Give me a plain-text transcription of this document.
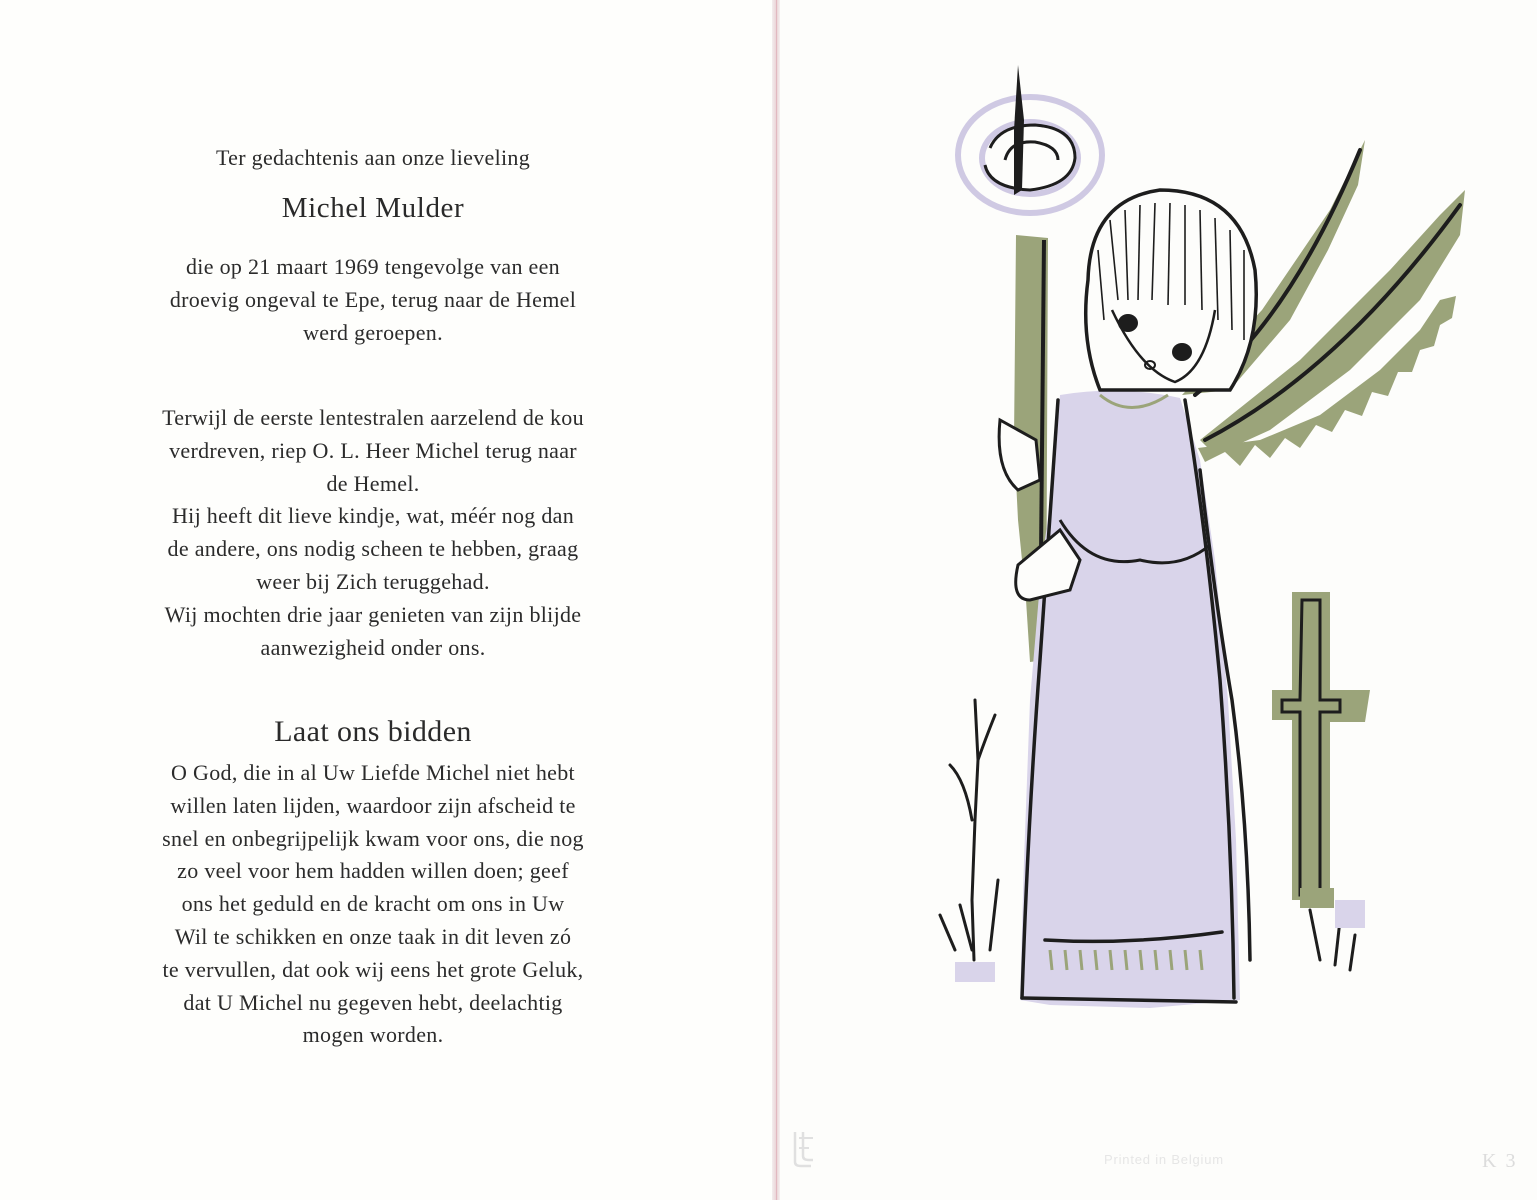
Ter gedachtenis aan onze lieveling
Michel Mulder
die op 21 maart 1969 tengevolge van een
droevig ongeval te Epe, terug naar de Hemel
werd geroepen.
Terwijl de eerste lentestralen aarzelend de kou
verdreven, riep O. L. Heer Michel terug naar
de Hemel.
Hij heeft dit lieve kindje, wat, méér nog dan
de andere, ons nodig scheen te hebben, graag
weer bij Zich teruggehad.
Wij mochten drie jaar genieten van zijn blijde
aanwezigheid onder ons.
Laat ons bidden
O God, die in al Uw Liefde Michel niet hebt
willen laten lijden, waardoor zijn afscheid te
snel en onbegrijpelijk kwam voor ons, die nog
zo veel voor hem hadden willen doen; geef
ons het geduld en de kracht om ons in Uw
Wil te schikken en onze taak in dit leven zó
te vervullen, dat ook wij eens het grote Geluk,
dat U Michel nu gegeven hebt, deelachtig
mogen worden.
Printed in Belgium	K 3
